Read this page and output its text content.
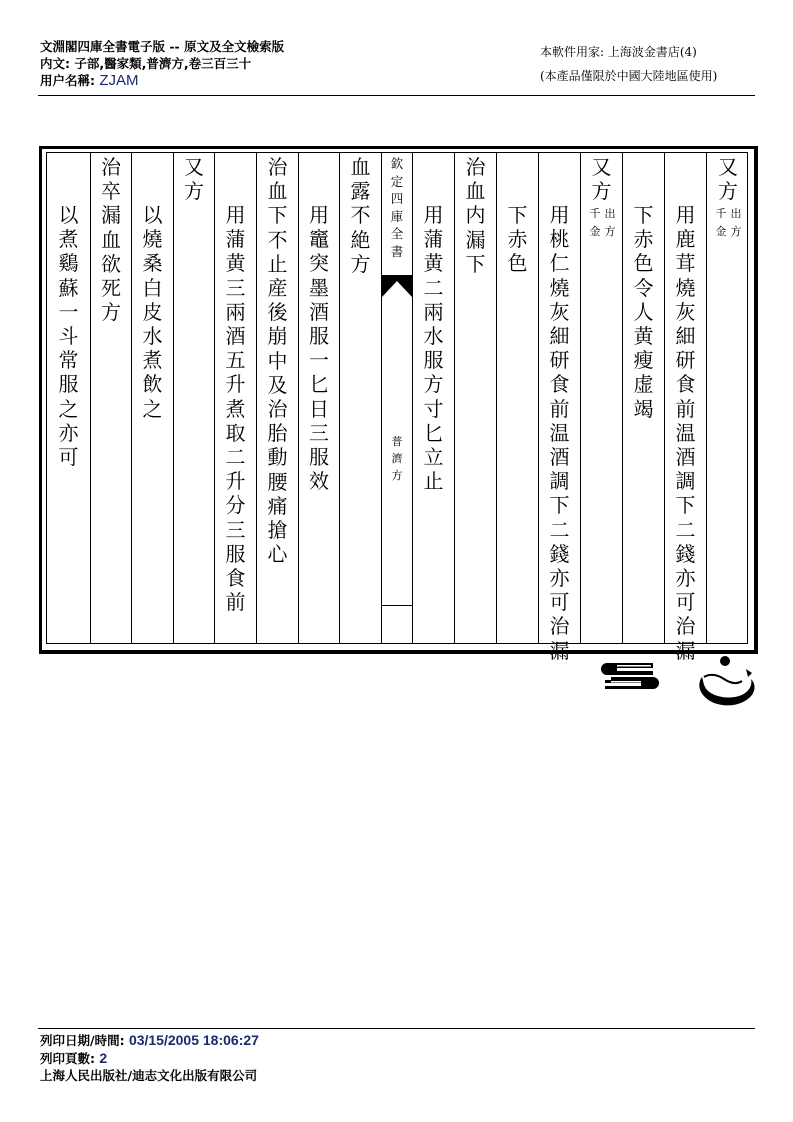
文淵閣四庫全書電子版 -- 原文及全文檢索版
内文: 子部,醫家類,普濟方,卷三百三十
用户名稱: ZJAM
本軟件用家: 上海波金書店(4)
(本產品僅限於中國大陸地區使用)
以煮鷄蘇一斗常服之亦可
治卒漏血欲死方
以燒桑白皮水煮飲之
又方
用蒲黄三兩酒五升煮取二升分三服食前
治血下不止産後崩中及治胎動腰痛搶心
用竈突墨酒服一匕日三服效
血露不絶方
欽定四庫全書
普濟方
用蒲黄二兩水服方寸匕立止
治血内漏下
下赤色
用桃仁燒灰細研食前温酒調下二錢亦可治漏
又方
千金
出方
下赤色令人黄瘦虚竭
用鹿茸燒灰細研食前温酒調下二錢亦可治漏
又方
千金
出方
列印日期/時間: 03/15/2005 18:06:27
列印頁數: 2
上海人民出版社/迪志文化出版有限公司
